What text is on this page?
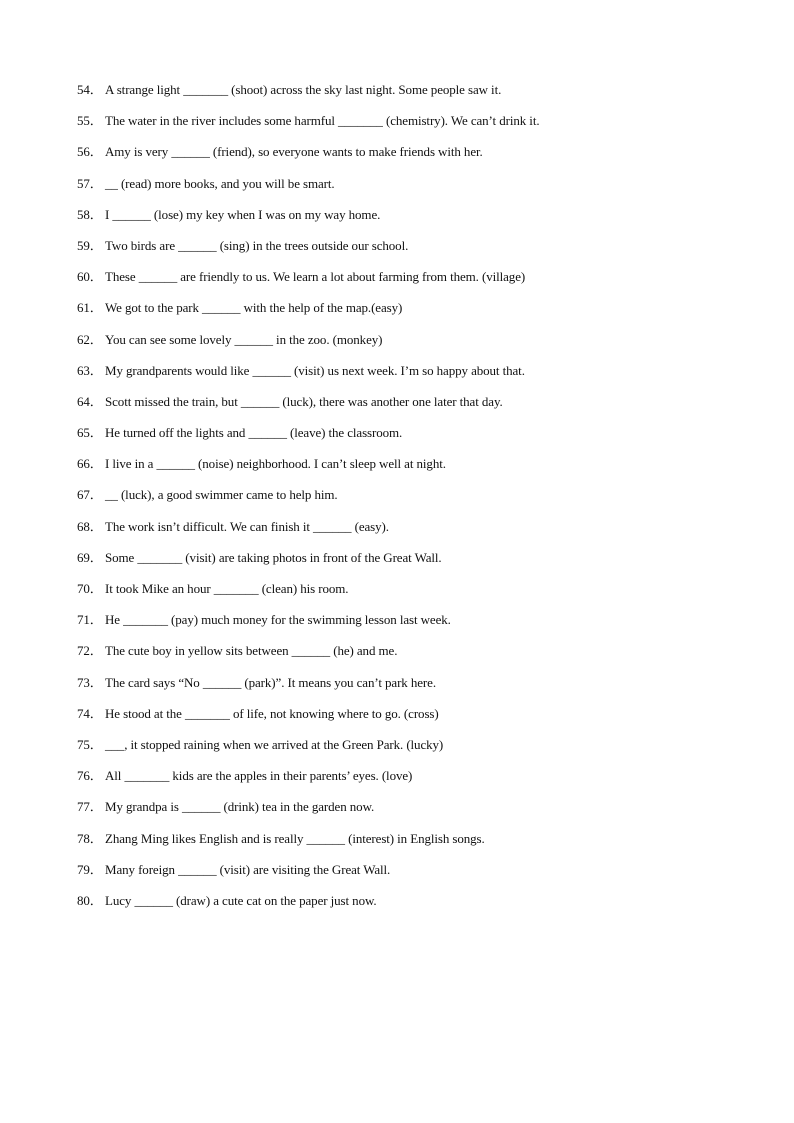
54． A strange light _______ (shoot) across the sky last night. Some people saw it.
55． The water in the river includes some harmful _______ (chemistry). We can’t drink it.
56． Amy is very ______ (friend), so everyone wants to make friends with her.
57． __ (read) more books, and you will be smart.
58． I ______ (lose) my key when I was on my way home.
59． Two birds are ______ (sing) in the trees outside our school.
60． These ______ are friendly to us. We learn a lot about farming from them. (village)
61． We got to the park ______ with the help of the map.(easy)
62． You can see some lovely ______ in the zoo. (monkey)
63． My grandparents would like ______ (visit) us next week. I’m so happy about that.
64． Scott missed the train, but ______ (luck), there was another one later that day.
65． He turned off the lights and ______ (leave) the classroom.
66． I live in a ______ (noise) neighborhood. I can’t sleep well at night.
67． __ (luck), a good swimmer came to help him.
68． The work isn’t difficult. We can finish it ______ (easy).
69． Some _______ (visit) are taking photos in front of the Great Wall.
70． It took Mike an hour _______ (clean) his room.
71． He _______ (pay) much money for the swimming lesson last week.
72． The cute boy in yellow sits between ______ (he) and me.
73． The card says “No ______ (park)”. It means you can’t park here.
74． He stood at the _______ of life, not knowing where to go. (cross)
75． ___, it stopped raining when we arrived at the Green Park. (lucky)
76． All _______ kids are the apples in their parents’ eyes. (love)
77． My grandpa is ______ (drink) tea in the garden now.
78． Zhang Ming likes English and is really ______ (interest) in English songs.
79． Many foreign ______ (visit) are visiting the Great Wall.
80． Lucy ______ (draw) a cute cat on the paper just now.
